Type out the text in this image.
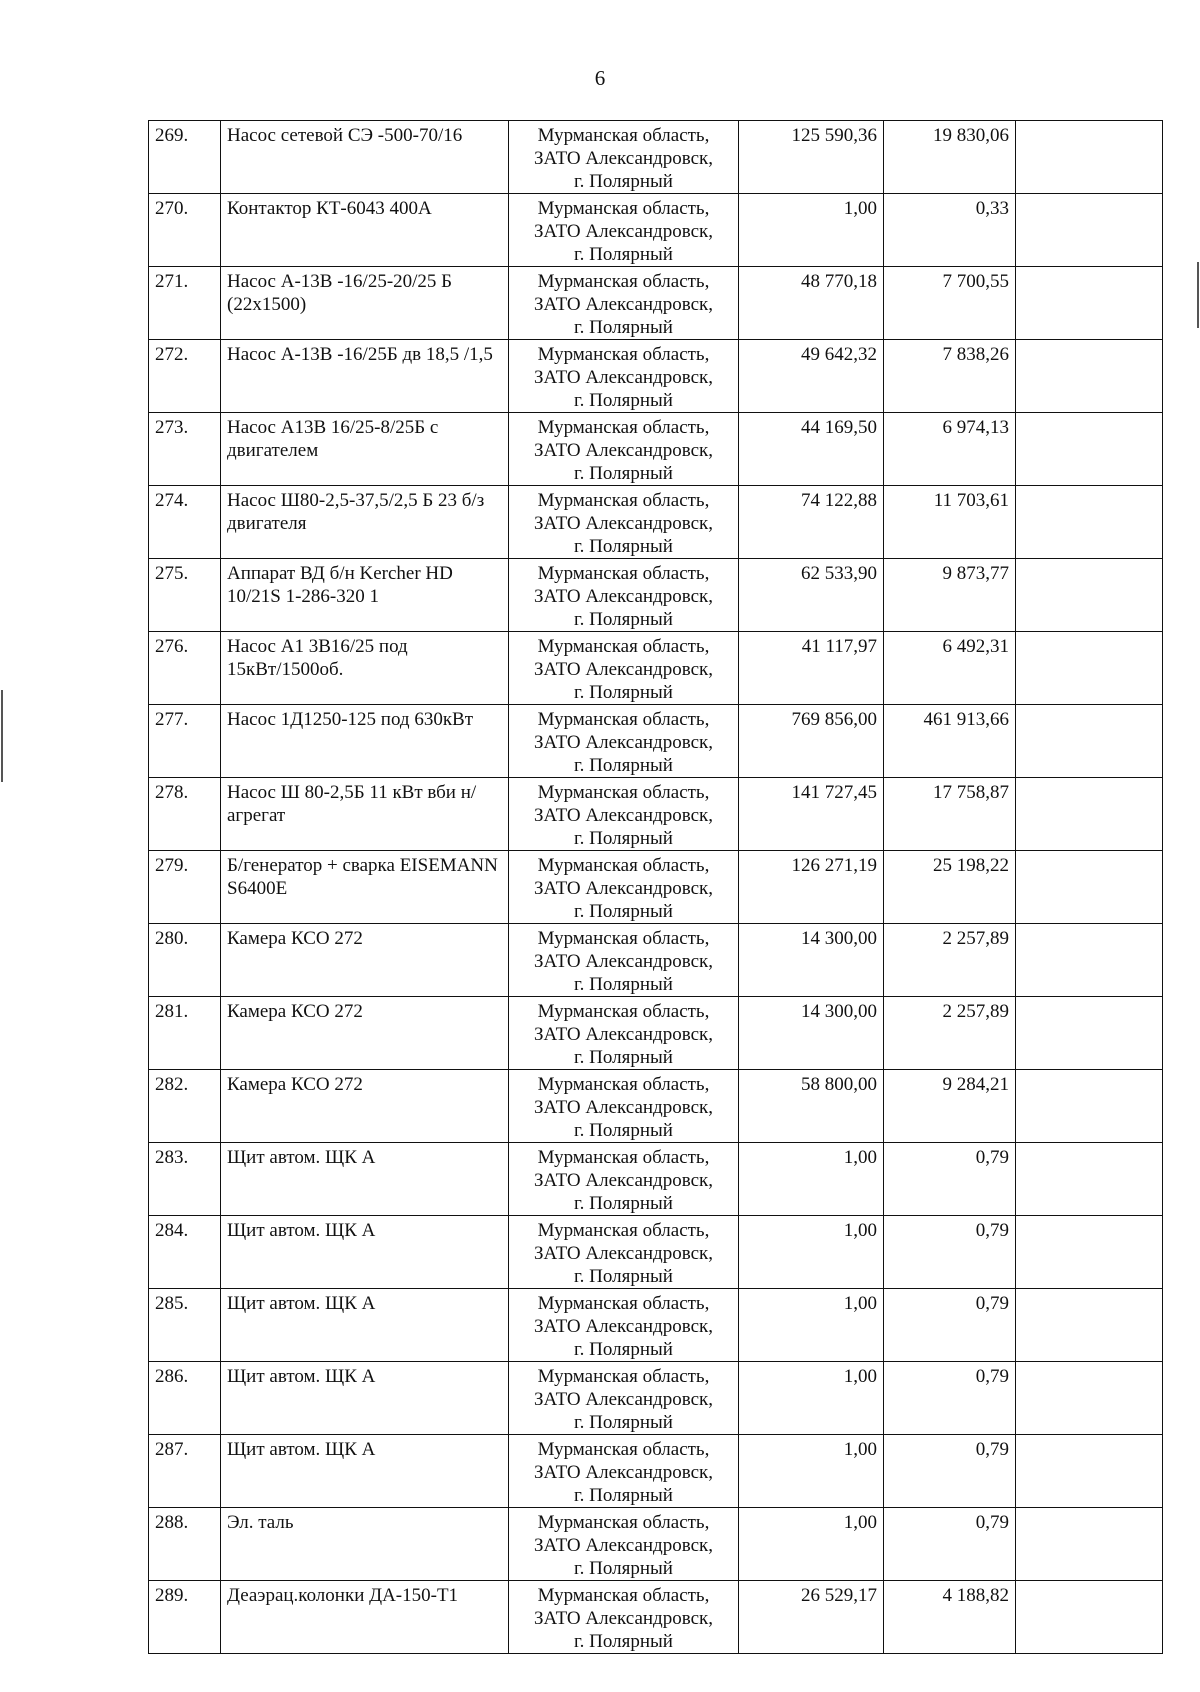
6
269.	Насос сетевой СЭ -500-70/16	Мурманская область,
ЗАТО Александровск,
г. Полярный	125 590,36	19 830,06	
270.	Контактор КТ-6043 400А	Мурманская область,
ЗАТО Александровск,
г. Полярный	1,00	0,33	
271.	Насос А-13В -16/25-20/25 Б (22x1500)	Мурманская область,
ЗАТО Александровск,
г. Полярный	48 770,18	7 700,55	
272.	Насос А-13В -16/25Б дв 18,5 /1,5	Мурманская область,
ЗАТО Александровск,
г. Полярный	49 642,32	7 838,26	
273.	Насос А13В 16/25-8/25Б с двигателем	Мурманская область,
ЗАТО Александровск,
г. Полярный	44 169,50	6 974,13	
274.	Насос Ш80-2,5-37,5/2,5 Б 23 б/з двигателя	Мурманская область,
ЗАТО Александровск,
г. Полярный	74 122,88	11 703,61	
275.	Аппарат ВД б/н Kercher HD 10/21S 1-286-320 1	Мурманская область,
ЗАТО Александровск,
г. Полярный	62 533,90	9 873,77	
276.	Насос А1 3В16/25 под 15кВт/1500об.	Мурманская область,
ЗАТО Александровск,
г. Полярный	41 117,97	6 492,31	
277.	Насос 1Д1250-125 под 630кВт	Мурманская область,
ЗАТО Александровск,
г. Полярный	769 856,00	461 913,66	
278.	Насос Ш 80-2,5Б 11 кВт вби н/агрегат	Мурманская область,
ЗАТО Александровск,
г. Полярный	141 727,45	17 758,87	
279.	Б/генератор + сварка EISEMANN S6400E	Мурманская область,
ЗАТО Александровск,
г. Полярный	126 271,19	25 198,22	
280.	Камера КСО 272	Мурманская область,
ЗАТО Александровск,
г. Полярный	14 300,00	2 257,89	
281.	Камера КСО 272	Мурманская область,
ЗАТО Александровск,
г. Полярный	14 300,00	2 257,89	
282.	Камера КСО 272	Мурманская область,
ЗАТО Александровск,
г. Полярный	58 800,00	9 284,21	
283.	Щит автом. ЩК А	Мурманская область,
ЗАТО Александровск,
г. Полярный	1,00	0,79	
284.	Щит автом. ЩК А	Мурманская область,
ЗАТО Александровск,
г. Полярный	1,00	0,79	
285.	Щит автом. ЩК А	Мурманская область,
ЗАТО Александровск,
г. Полярный	1,00	0,79	
286.	Щит автом. ЩК А	Мурманская область,
ЗАТО Александровск,
г. Полярный	1,00	0,79	
287.	Щит автом. ЩК А	Мурманская область,
ЗАТО Александровск,
г. Полярный	1,00	0,79	
288.	Эл. таль	Мурманская область,
ЗАТО Александровск,
г. Полярный	1,00	0,79	
289.	Деаэрац.колонки ДА-150-Т1	Мурманская область,
ЗАТО Александровск,
г. Полярный	26 529,17	4 188,82	
